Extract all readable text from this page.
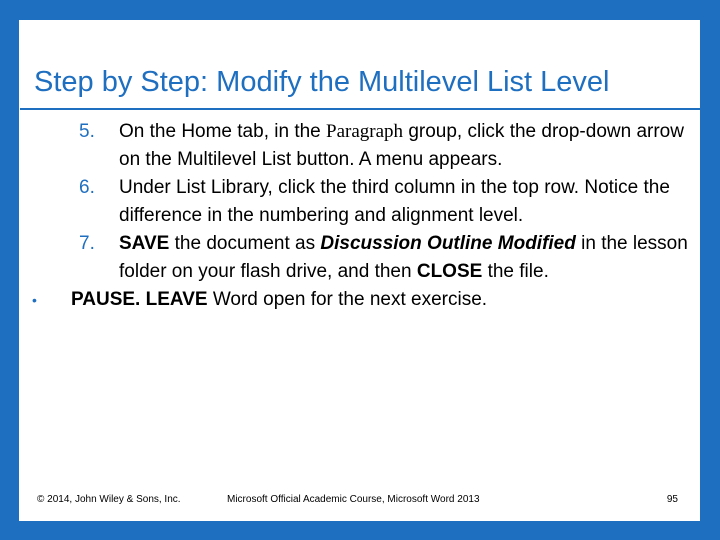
Step by Step: Modify the Multilevel List Level
5. On the Home tab, in the Paragraph group, click the drop-down arrow on the Multilevel List button. A menu appears.
6. Under List Library, click the third column in the top row. Notice the difference in the numbering and alignment level.
7. SAVE the document as Discussion Outline Modified in the lesson folder on your flash drive, and then CLOSE the file.
• PAUSE. LEAVE Word open for the next exercise.
© 2014, John Wiley & Sons, Inc.	Microsoft Official Academic Course, Microsoft Word 2013	95
